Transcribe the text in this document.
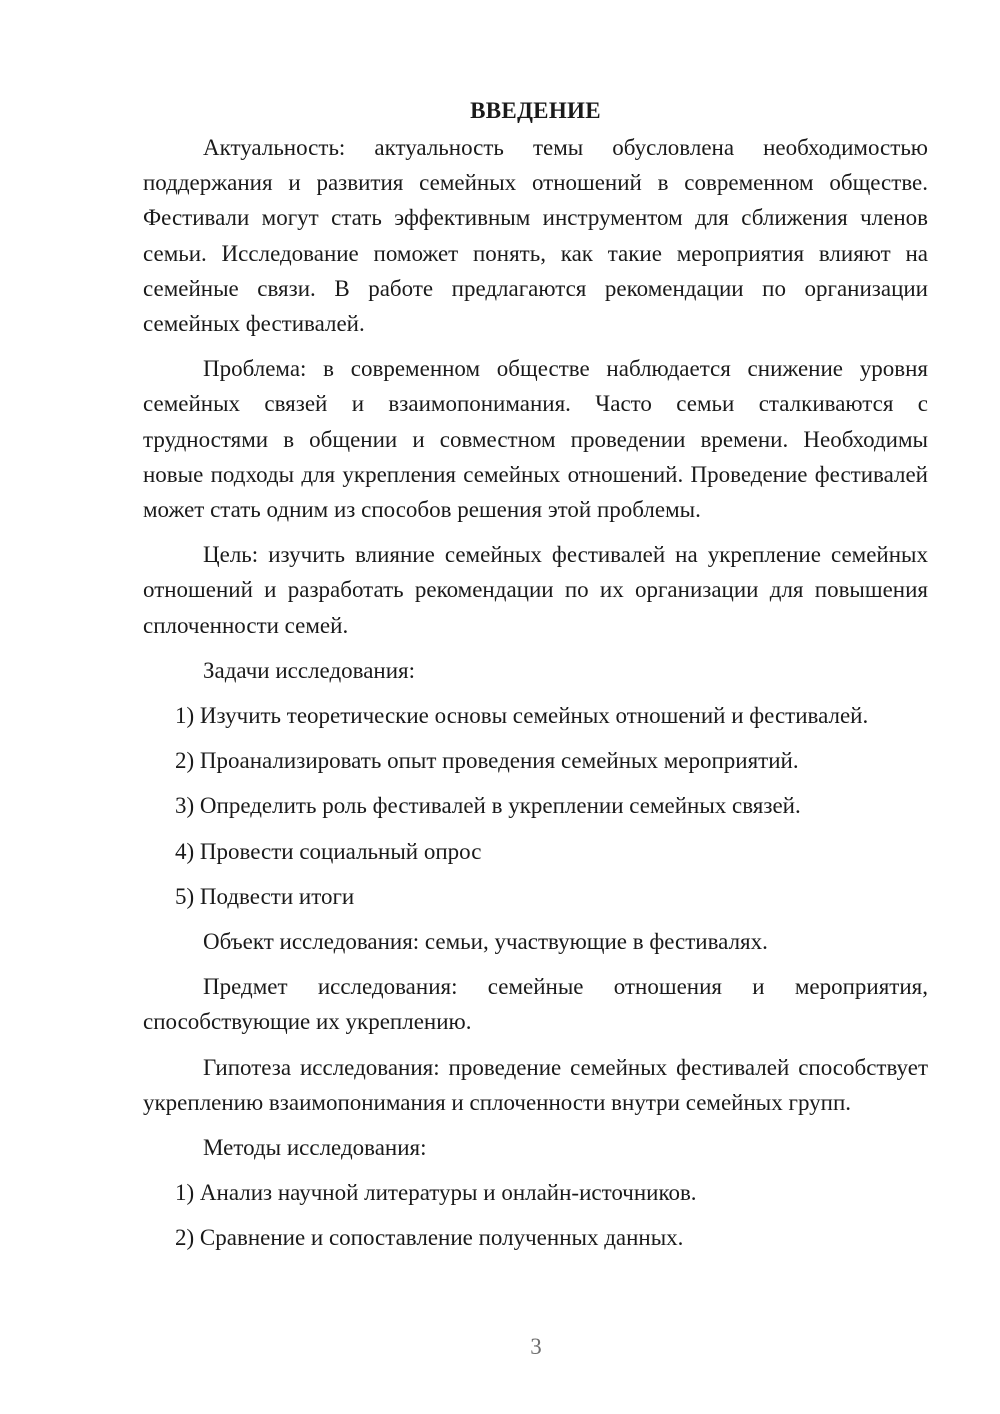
ВВЕДЕНИЕ

Актуальность: актуальность темы обусловлена необходимостью поддержания и развития семейных отношений в современном обществе. Фестивали могут стать эффективным инструментом для сближения членов семьи. Исследование поможет понять, как такие мероприятия влияют на семейные связи. В работе предлагаются рекомендации по организации семейных фестивалей.

Проблема: в современном обществе наблюдается снижение уровня семейных связей и взаимопонимания. Часто семьи сталкиваются с трудностями в общении и совместном проведении времени. Необходимы новые подходы для укрепления семейных отношений. Проведение фестивалей может стать одним из способов решения этой проблемы.

Цель: изучить влияние семейных фестивалей на укрепление семейных отношений и разработать рекомендации по их организации для повышения сплоченности семей.

Задачи исследования:

1) Изучить теоретические основы семейных отношений и фестивалей.
2) Проанализировать опыт проведения семейных мероприятий.
3) Определить роль фестивалей в укреплении семейных связей.
4) Провести социальный опрос
5) Подвести итоги

Объект исследования: семьи, участвующие в фестивалях.

Предмет исследования: семейные отношения и мероприятия, способствующие их укреплению.

Гипотеза исследования: проведение семейных фестивалей способствует укреплению взаимопонимания и сплоченности внутри семейных групп.

Методы исследования:

1) Анализ научной литературы и онлайн-источников.
2) Сравнение и сопоставление полученных данных.
3
